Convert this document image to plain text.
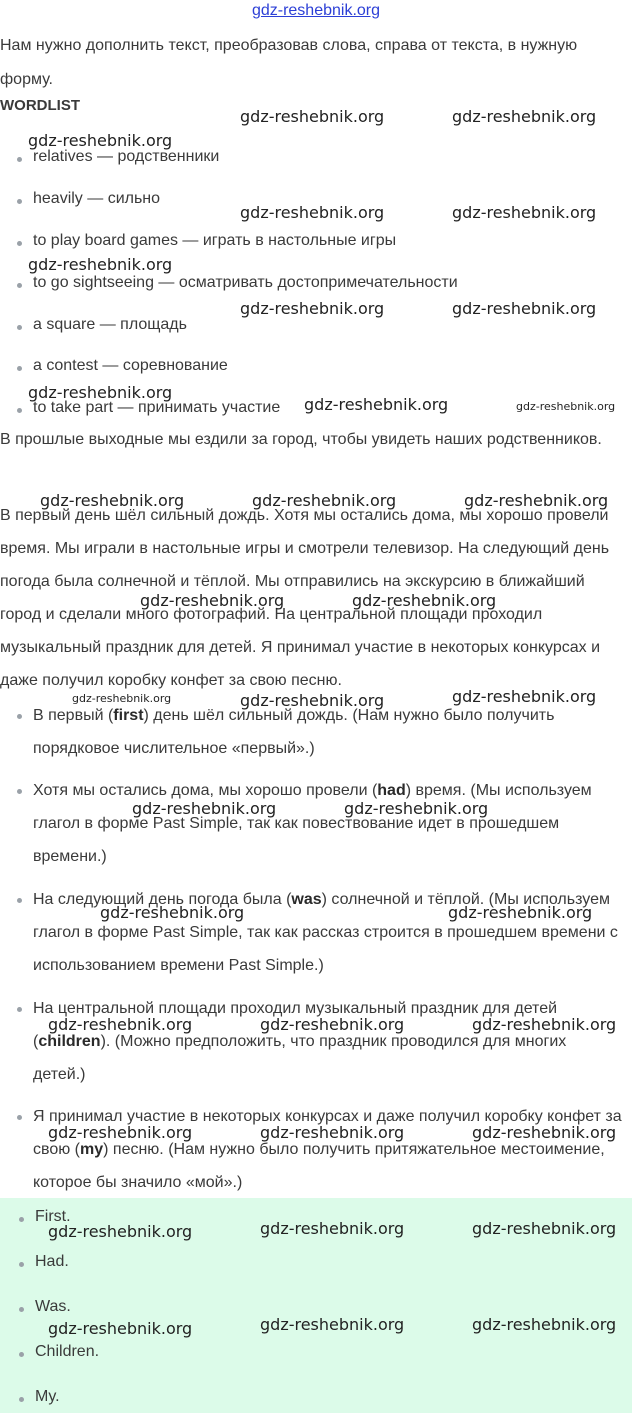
gdz-reshebnik.org

Нам нужно дополнить текст, преобразовав слова, справа от текста, в нужную форму.

WORDLIST
relatives — родственники
heavily — сильно
to play board games — играть в настольные игры
to go sightseeing — осматривать достопримечательности
a square — площадь
a contest — соревнование
to take part — принимать участие

В прошлые выходные мы ездили за город, чтобы увидеть наших родственников.

В первый день шёл сильный дождь. Хотя мы остались дома, мы хорошо провели время. Мы играли в настольные игры и смотрели телевизор. На следующий день погода была солнечной и тёплой. Мы отправились на экскурсию в ближайший город и сделали много фотографий. На центральной площади проходил музыкальный праздник для детей. Я принимал участие в некоторых конкурсах и даже получил коробку конфет за свою песню.

В первый (first) день шёл сильный дождь. (Нам нужно было получить порядковое числительное «первый».)

Хотя мы остались дома, мы хорошо провели (had) время. (Мы используем глагол в форме Past Simple, так как повествование идет в прошедшем времени.)

На следующий день погода была (was) солнечной и тёплой. (Мы используем глагол в форме Past Simple, так как рассказ строится в прошедшем времени с использованием времени Past Simple.)

На центральной площади проходил музыкальный праздник для детей (children). (Можно предположить, что праздник проводился для многих детей.)

Я принимал участие в некоторых конкурсах и даже получил коробку конфет за свою (my) песню. (Нам нужно было получить притяжательное местоимение, которое бы значило «мой».)

First.
Had.
Was.
Children.
My.
gdz-reshebnik.org	gdz-reshebnik.org
gdz-reshebnik.org
gdz-reshebnik.org	gdz-reshebnik.org
gdz-reshebnik.org
gdz-reshebnik.org	gdz-reshebnik.org
gdz-reshebnik.org
gdz-reshebnik.org	gdz-reshebnik.org
gdz-reshebnik.org	gdz-reshebnik.org	gdz-reshebnik.org
gdz-reshebnik.org	gdz-reshebnik.org
gdz-reshebnik.org	gdz-reshebnik.org	gdz-reshebnik.org
gdz-reshebnik.org	gdz-reshebnik.org
gdz-reshebnik.org	gdz-reshebnik.org
gdz-reshebnik.org	gdz-reshebnik.org	gdz-reshebnik.org
gdz-reshebnik.org	gdz-reshebnik.org	gdz-reshebnik.org
gdz-reshebnik.org	gdz-reshebnik.org	gdz-reshebnik.org
gdz-reshebnik.org	gdz-reshebnik.org	gdz-reshebnik.org
